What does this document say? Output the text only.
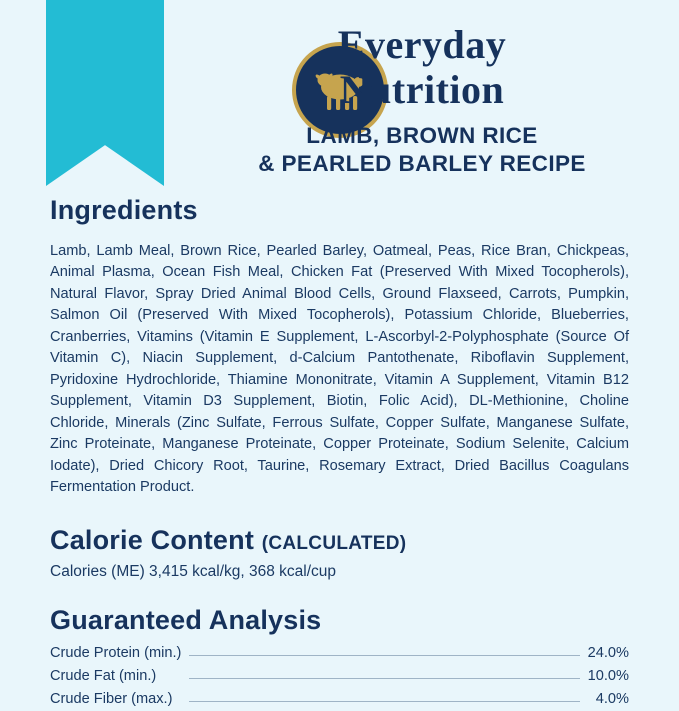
Everyday
Nutrition
LAMB, BROWN RICE
& PEARLED BARLEY RECIPE
Ingredients

Lamb, Lamb Meal, Brown Rice, Pearled Barley, Oatmeal, Peas, Rice Bran, Chickpeas, Animal Plasma, Ocean Fish Meal, Chicken Fat (Preserved With Mixed Tocopherols), Natural Flavor, Spray Dried Animal Blood Cells, Ground Flaxseed, Carrots, Pumpkin, Salmon Oil (Preserved With Mixed Tocopherols), Potassium Chloride, Blueberries, Cranberries, Vitamins (Vitamin E Supplement, L-Ascorbyl-2-Polyphosphate (Source Of Vitamin C), Niacin Supplement, d-Calcium Pantothenate, Riboflavin Supplement, Pyridoxine Hydrochloride, Thiamine Mononitrate, Vitamin A Supplement, Vitamin B12 Supplement, Vitamin D3 Supplement, Biotin, Folic Acid), DL-Methionine, Choline Chloride, Minerals (Zinc Sulfate, Ferrous Sulfate, Copper Sulfate, Manganese Sulfate, Zinc Proteinate, Manganese Proteinate, Copper Proteinate, Sodium Selenite, Calcium Iodate), Dried Chicory Root, Taurine, Rosemary Extract, Dried Bacillus Coagulans Fermentation Product.

Calorie Content (CALCULATED)
Calories (ME) 3,415 kcal/kg, 368 kcal/cup
Guaranteed Analysis
Crude Protein (min.)		24.0%
Crude Fat (min.)		10.0%
Crude Fiber (max.)		4.0%
